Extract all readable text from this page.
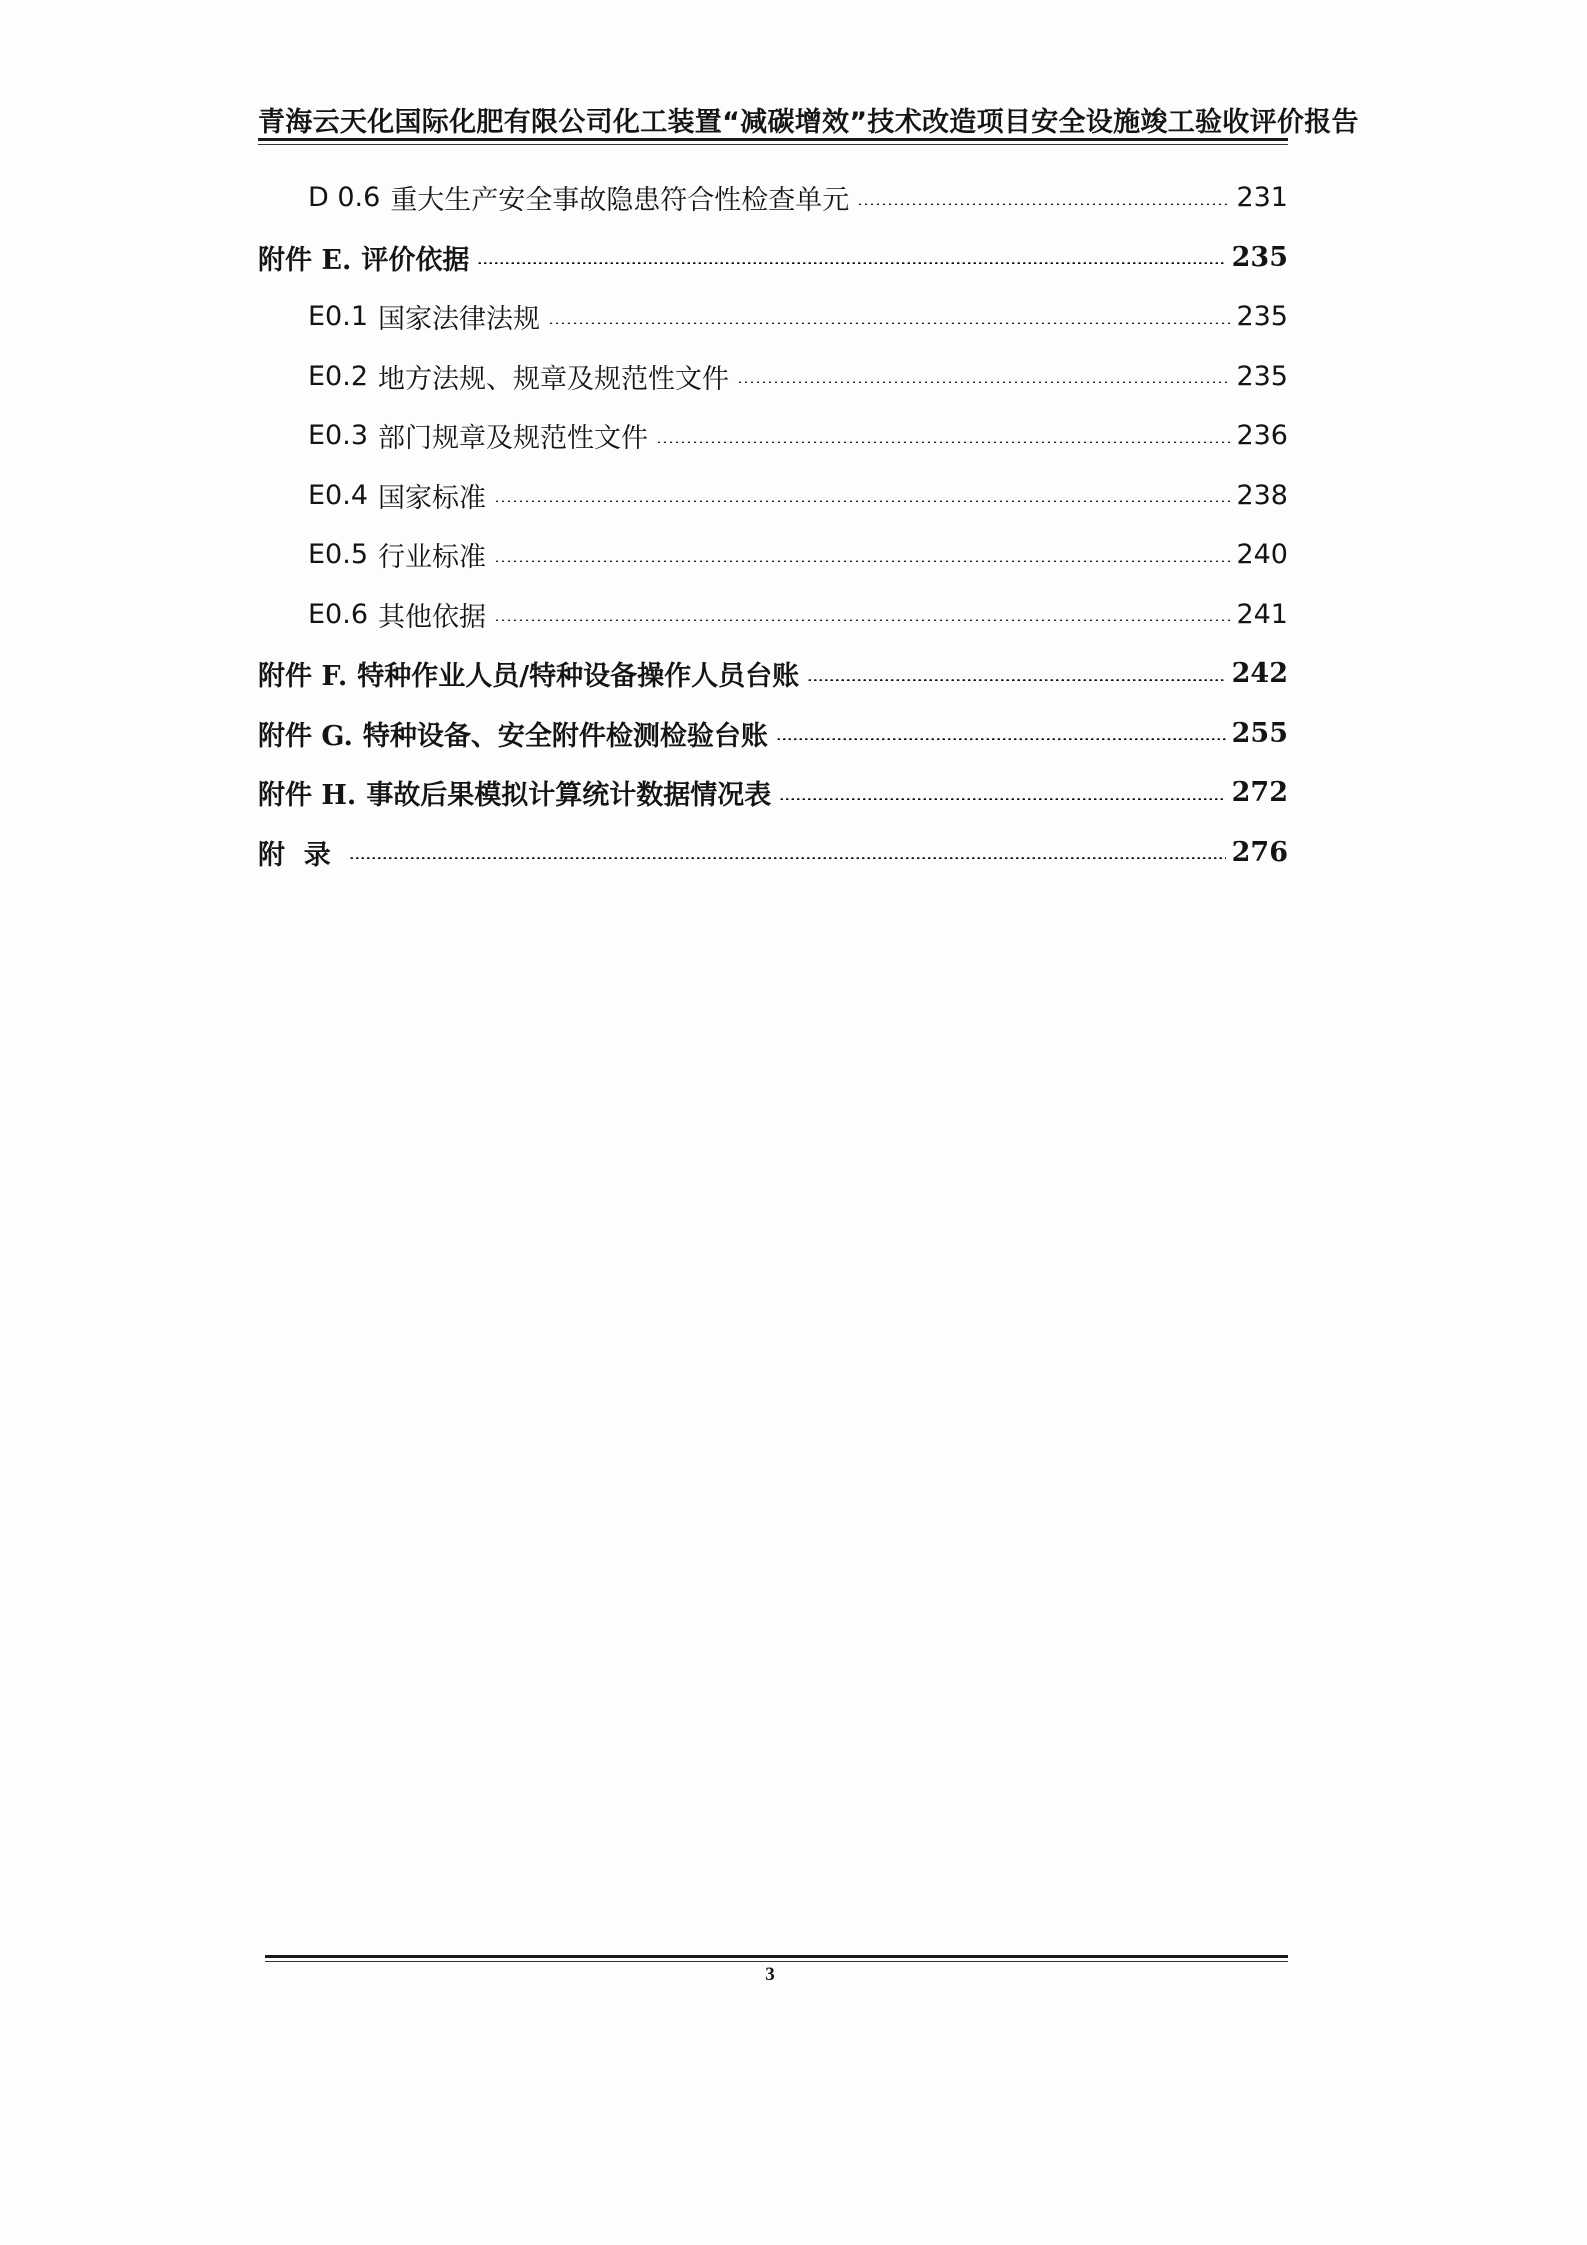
青海云天化国际化肥有限公司化工装置“减碳增效”技术改造项目安全设施竣工验收评价报告
D 0.6 重大生产安全事故隐患符合性检查单元	231
附件 E. 评价依据	235
E0.1 国家法律法规	235
E0.2 地方法规、规章及规范性文件	235
E0.3 部门规章及规范性文件	236
E0.4 国家标准	238
E0.5 行业标准	240
E0.6 其他依据	241
附件 F. 特种作业人员/特种设备操作人员台账	242
附件 G. 特种设备、安全附件检测检验台账	255
附件 H. 事故后果模拟计算统计数据情况表	272
附  录	276
3
